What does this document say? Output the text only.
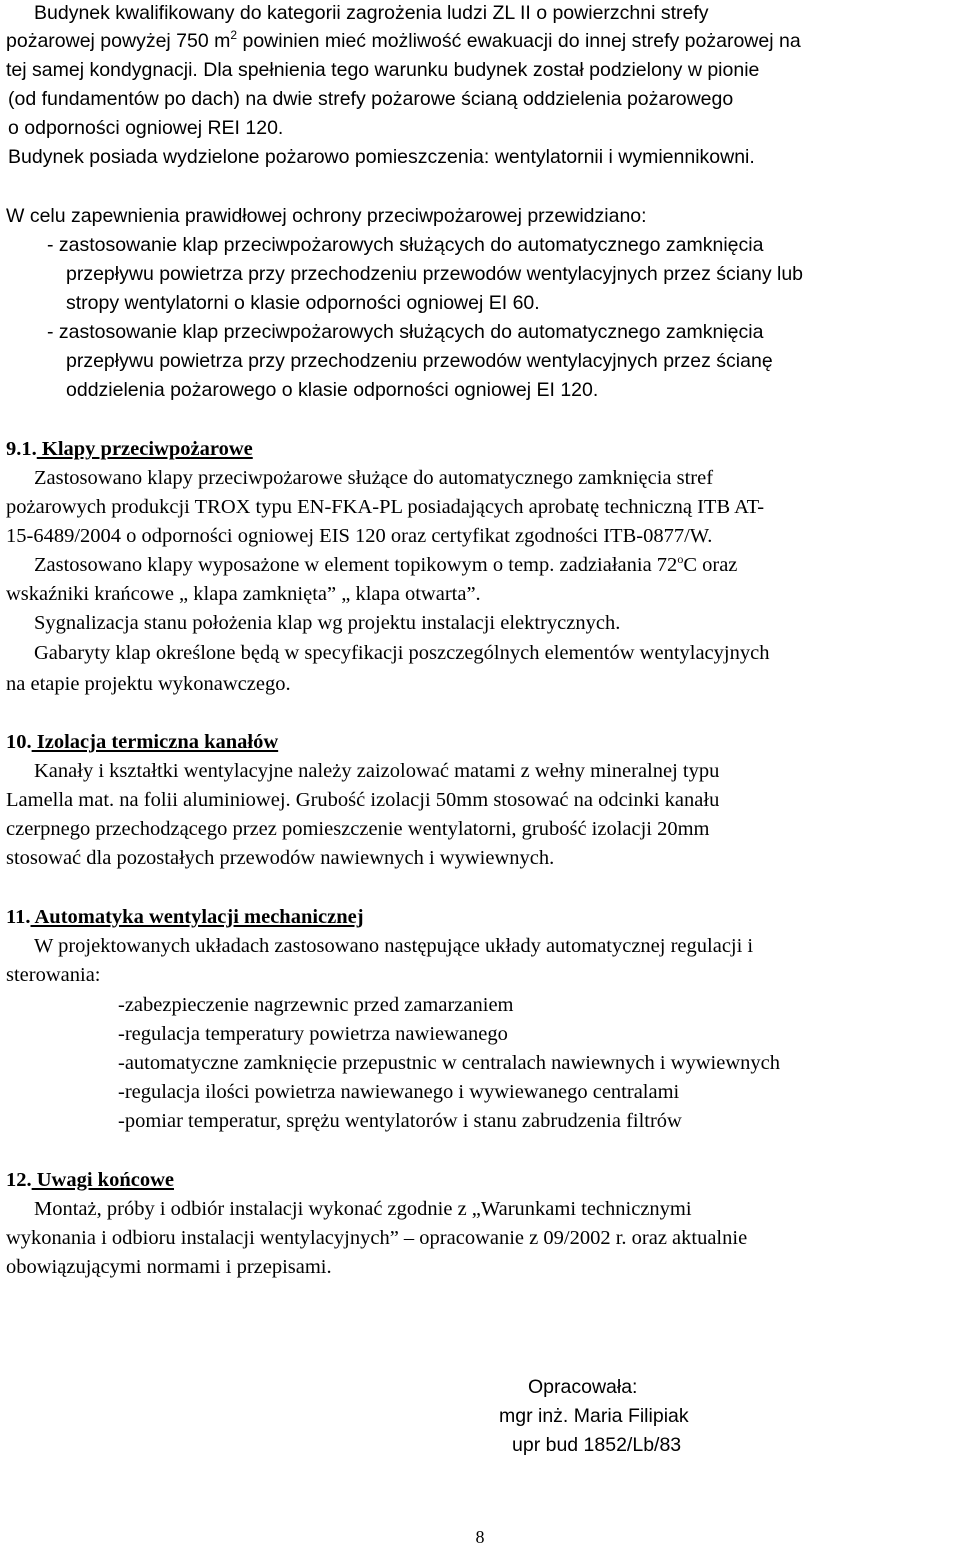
Budynek kwalifikowany do kategorii zagrożenia ludzi ZL II o powierzchni strefy
pożarowej powyżej 750 $m^2$ powinien mieć możliwość ewakuacji do innej strefy pożarowej na
tej samej kondygnacji. Dla spełnienia tego warunku budynek został podzielony w pionie
(od fundamentów po dach) na dwie strefy pożarowe ścianą oddzielenia pożarowego
o odporności ogniowej REI 120.
Budynek posiada wydzielone pożarowo pomieszczenia: wentylatornii i wymiennikowni.
W celu zapewnienia prawidłowej ochrony przeciwpożarowej przewidziano:
- zastosowanie klap przeciwpożarowych służących do automatycznego zamknięcia
przepływu powietrza przy przechodzeniu przewodów wentylacyjnych przez ściany lub
stropy wentylatorni o klasie odporności ogniowej EI 60.
- zastosowanie klap przeciwpożarowych służących do automatycznego zamknięcia
przepływu powietrza przy przechodzeniu przewodów wentylacyjnych przez ścianę
oddzielenia pożarowego o klasie odporności ogniowej EI 120.
9.1. Klapy przeciwpożarowe
Zastosowano klapy przeciwpożarowe służące do automatycznego zamknięcia stref
pożarowych produkcji TROX typu EN-FKA-PL posiadających aprobatę techniczną ITB AT-
15-6489/2004 o odporności ogniowej EIS 120 oraz certyfikat zgodności ITB-0877/W.
Zastosowano klapy wyposażone w element topikowym o temp. zadziałania 72$^o$C oraz
wskaźniki krańcowe „ klapa zamknięta” „ klapa otwarta”.
Sygnalizacja stanu położenia klap wg projektu instalacji elektrycznych.
Gabaryty klap określone będą w specyfikacji poszczególnych elementów wentylacyjnych
na etapie projektu wykonawczego.
10. Izolacja termiczna kanałów
Kanały i kształtki wentylacyjne należy zaizolować matami z wełny mineralnej typu
Lamella mat. na folii aluminiowej. Grubość izolacji 50mm stosować na odcinki kanału
czerpnego przechodzącego przez pomieszczenie wentylatorni, grubość izolacji 20mm
stosować dla pozostałych przewodów nawiewnych i wywiewnych.
11. Automatyka wentylacji mechanicznej
W projektowanych układach zastosowano następujące układy automatycznej regulacji i
sterowania:
-zabezpieczenie nagrzewnic przed zamarzaniem
-regulacja temperatury powietrza nawiewanego
-automatyczne zamknięcie przepustnic w centralach nawiewnych i wywiewnych
-regulacja ilości powietrza nawiewanego i wywiewanego centralami
-pomiar temperatur, sprężu wentylatorów i stanu zabrudzenia filtrów
12. Uwagi końcowe
Montaż, próby i odbiór instalacji wykonać zgodnie z „Warunkami technicznymi
wykonania i odbioru instalacji wentylacyjnych” – opracowanie z 09/2002 r. oraz aktualnie
obowiązującymi normami i przepisami.
Opracowała:
mgr inż. Maria Filipiak
upr bud 1852/Lb/83
8
